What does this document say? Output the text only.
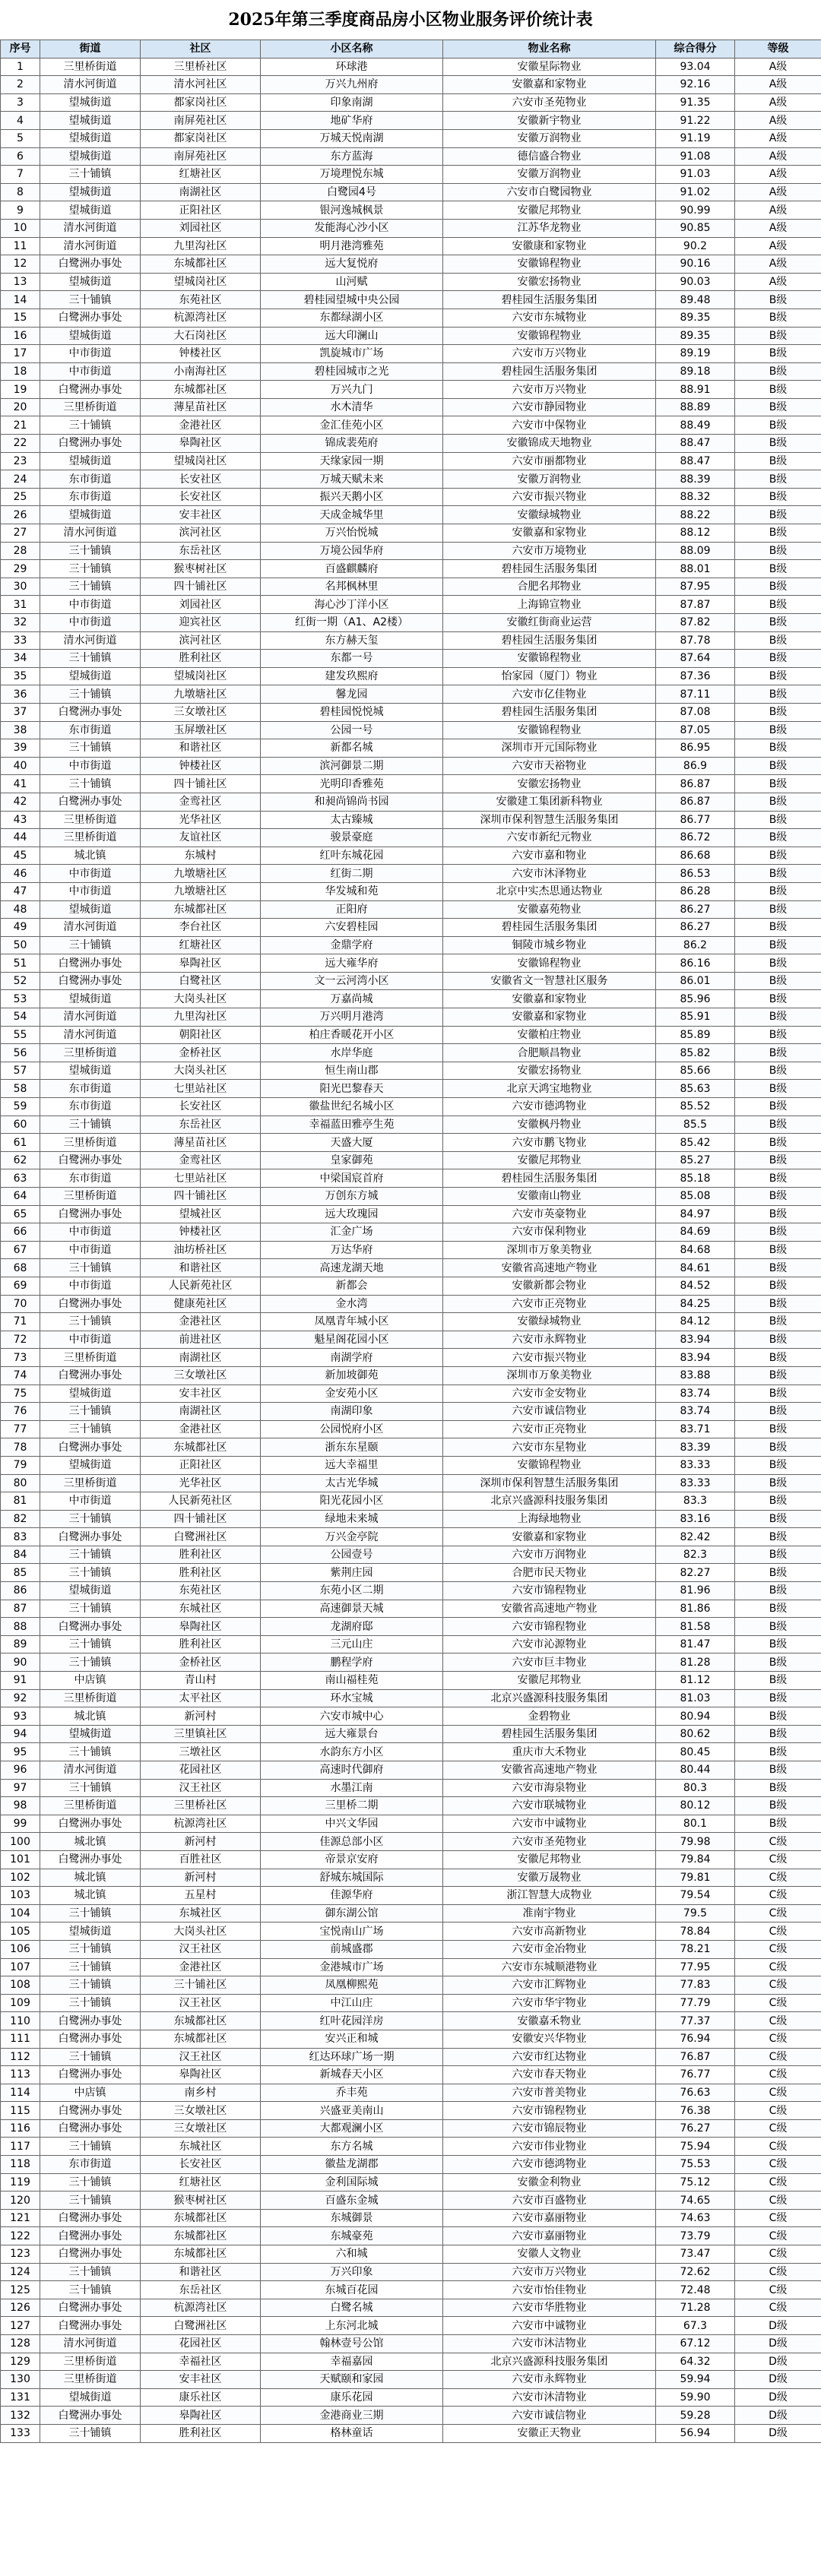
2025年第三季度商品房小区物业服务评价统计表
序号	街道	社区	小区名称	物业名称	综合得分	等级
1	三里桥街道	三里桥社区	环球港	安徽星际物业	93.04	A级
2	清水河街道	清水河社区	万兴九州府	安徽嘉和家物业	92.16	A级
3	望城街道	都家岗社区	印象南湖	六安市圣苑物业	91.35	A级
4	望城街道	南屏苑社区	地矿华府	安徽新宇物业	91.22	A级
5	望城街道	都家岗社区	万城天悦南湖	安徽万润物业	91.19	A级
6	望城街道	南屏苑社区	东方蓝海	德信盛合物业	91.08	A级
7	三十铺镇	红塘社区	万境理悦东城	安徽万润物业	91.03	A级
8	望城街道	南湖社区	白鹭园4号	六安市白鹭园物业	91.02	A级
9	望城街道	正阳社区	银河逸城枫景	安徽尼邦物业	90.99	A级
10	清水河街道	刘园社区	发能海心沙小区	江苏华龙物业	90.85	A级
11	清水河街道	九里沟社区	明月港湾雅苑	安徽康和家物业	90.2	A级
12	白鹭洲办事处	东城都社区	远大复悦府	安徽锦程物业	90.16	A级
13	望城街道	望城岗社区	山河赋	安徽宏扬物业	90.03	A级
14	三十铺镇	东苑社区	碧桂园望城中央公园	碧桂园生活服务集团	89.48	B级
15	白鹭洲办事处	杭源湾社区	东都绿湖小区	六安市东城物业	89.35	B级
16	望城街道	大石岗社区	远大印澜山	安徽锦程物业	89.35	B级
17	中市街道	钟楼社区	凯旋城市广场	六安市万兴物业	89.19	B级
18	中市街道	小南海社区	碧桂园城市之光	碧桂园生活服务集团	89.18	B级
19	白鹭洲办事处	东城都社区	万兴九门	六安市万兴物业	88.91	B级
20	三里桥街道	薄星苗社区	水木清华	六安市静园物业	88.89	B级
21	三十铺镇	金港社区	金汇佳苑小区	六安市中保物业	88.49	B级
22	白鹭洲办事处	皋陶社区	锦成裴苑府	安徽锦成天地物业	88.47	B级
23	望城街道	望城岗社区	天缘家园一期	六安市丽都物业	88.47	B级
24	东市街道	长安社区	万城天赋未来	安徽万润物业	88.39	B级
25	东市街道	长安社区	振兴天鹅小区	六安市振兴物业	88.32	B级
26	望城街道	安丰社区	天成金城华里	安徽绿城物业	88.22	B级
27	清水河街道	滨河社区	万兴怡悦城	安徽嘉和家物业	88.12	B级
28	三十铺镇	东岳社区	万境公园华府	六安市万境物业	88.09	B级
29	三十铺镇	猴枣树社区	百盛麒麟府	碧桂园生活服务集团	88.01	B级
30	三十铺镇	四十铺社区	名邦枫林里	合肥名邦物业	87.95	B级
31	中市街道	刘园社区	海心沙丁洋小区	上海锦宣物业	87.87	B级
32	中市街道	迎宾社区	红街一期（A1、A2楼）	安徽红街商业运营	87.82	B级
33	清水河街道	滨河社区	东方赫天玺	碧桂园生活服务集团	87.78	B级
34	三十铺镇	胜利社区	东都一号	安徽锦程物业	87.64	B级
35	望城街道	望城岗社区	建发玖熙府	怡家园（厦门）物业	87.36	B级
36	三十铺镇	九墩塘社区	馨龙园	六安市亿佳物业	87.11	B级
37	白鹭洲办事处	三女墩社区	碧桂园悦悦城	碧桂园生活服务集团	87.08	B级
38	东市街道	玉屏墩社区	公园一号	安徽锦程物业	87.05	B级
39	三十铺镇	和谐社区	新都名城	深圳市开元国际物业	86.95	B级
40	中市街道	钟楼社区	滨河御景二期	六安市天裕物业	86.9	B级
41	三十铺镇	四十铺社区	光明印香雅苑	安徽宏扬物业	86.87	B级
42	白鹭洲办事处	金鸾社区	和昶尚锦尚书园	安徽建工集团新科物业	86.87	B级
43	三里桥街道	光华社区	太古臻城	深圳市保利智慧生活服务集团	86.77	B级
44	三里桥街道	友谊社区	骏景豪庭	六安市新纪元物业	86.72	B级
45	城北镇	东城村	红叶东城花园	六安市嘉和物业	86.68	B级
46	中市街道	九墩塘社区	红街二期	六安市沐泽物业	86.53	B级
47	中市街道	九墩塘社区	华发城和苑	北京中实杰思通达物业	86.28	B级
48	望城街道	东城都社区	正阳府	安徽嘉苑物业	86.27	B级
49	清水河街道	李台社区	六安碧桂园	碧桂园生活服务集团	86.27	B级
50	三十铺镇	红塘社区	金鼎学府	铜陵市城乡物业	86.2	B级
51	白鹭洲办事处	皋陶社区	远大雍华府	安徽锦程物业	86.16	B级
52	白鹭洲办事处	白鹭社区	文一云河湾小区	安徽省文一智慧社区服务	86.01	B级
53	望城街道	大岗头社区	万嘉尚城	安徽嘉和家物业	85.96	B级
54	清水河街道	九里沟社区	万兴明月港湾	安徽嘉和家物业	85.91	B级
55	清水河街道	朝阳社区	柏庄香暖花开小区	安徽柏庄物业	85.89	B级
56	三里桥街道	金桥社区	水岸华庭	合肥顺昌物业	85.82	B级
57	望城街道	大岗头社区	恒生南山郡	安徽宏扬物业	85.66	B级
58	东市街道	七里站社区	阳光巴黎春天	北京天鸿宝地物业	85.63	B级
59	东市街道	长安社区	徽盐世纪名城小区	六安市德鸿物业	85.52	B级
60	三十铺镇	东岳社区	幸福蓝田雅亭生苑	安徽枫丹物业	85.5	B级
61	三里桥街道	薄星苗社区	天盛大厦	六安市鹏飞物业	85.42	B级
62	白鹭洲办事处	金鸾社区	皇家御苑	安徽尼邦物业	85.27	B级
63	东市街道	七里站社区	中梁国宸首府	碧桂园生活服务集团	85.18	B级
64	三里桥街道	四十铺社区	万创东方城	安徽南山物业	85.08	B级
65	白鹭洲办事处	望城社区	远大玫瑰园	六安市英豪物业	84.97	B级
66	中市街道	钟楼社区	汇金广场	六安市保利物业	84.69	B级
67	中市街道	油坊桥社区	万达华府	深圳市万象美物业	84.68	B级
68	三十铺镇	和谐社区	高速龙湖天地	安徽省高速地产物业	84.61	B级
69	中市街道	人民新苑社区	新都会	安徽新都会物业	84.52	B级
70	白鹭洲办事处	健康苑社区	金水湾	六安市正亮物业	84.25	B级
71	三十铺镇	金港社区	凤凰青年城小区	安徽绿城物业	84.12	B级
72	中市街道	前进社区	魁星阁花园小区	六安市永辉物业	83.94	B级
73	三里桥街道	南湖社区	南湖学府	六安市振兴物业	83.94	B级
74	白鹭洲办事处	三女墩社区	新加坡御苑	深圳市万象美物业	83.88	B级
75	望城街道	安丰社区	金安苑小区	六安市金安物业	83.74	B级
76	三十铺镇	南湖社区	南湖印象	六安市诚信物业	83.74	B级
77	三十铺镇	金港社区	公园悦府小区	六安市正亮物业	83.71	B级
78	白鹭洲办事处	东城都社区	浙东东星颐	六安市东星物业	83.39	B级
79	望城街道	正阳社区	远大幸福里	安徽锦程物业	83.33	B级
80	三里桥街道	光华社区	太古光华城	深圳市保利智慧生活服务集团	83.33	B级
81	中市街道	人民新苑社区	阳光花园小区	北京兴盛源科技服务集团	83.3	B级
82	三十铺镇	四十铺社区	绿地未来城	上海绿地物业	83.16	B级
83	白鹭洲办事处	白鹭洲社区	万兴金亭院	安徽嘉和家物业	82.42	B级
84	三十铺镇	胜利社区	公园壹号	六安市万润物业	82.3	B级
85	三十铺镇	胜利社区	紫荆庄园	合肥市民天物业	82.27	B级
86	望城街道	东苑社区	东苑小区二期	六安市锦程物业	81.96	B级
87	三十铺镇	东城社区	高速御景天城	安徽省高速地产物业	81.86	B级
88	白鹭洲办事处	皋陶社区	龙湖府邸	六安市锦程物业	81.58	B级
89	三十铺镇	胜利社区	三元山庄	六安市沁源物业	81.47	B级
90	三十铺镇	金桥社区	鹏程学府	六安市巨丰物业	81.28	B级
91	中店镇	青山村	南山福桂苑	安徽尼邦物业	81.12	B级
92	三里桥街道	太平社区	环水宝城	北京兴盛源科技服务集团	81.03	B级
93	城北镇	新河村	六安市城中心	金碧物业	80.94	B级
94	望城街道	三里镇社区	远大雍景台	碧桂园生活服务集团	80.62	B级
95	三十铺镇	三墩社区	水韵东方小区	重庆市大禾物业	80.45	B级
96	清水河街道	花园社区	高速时代御府	安徽省高速地产物业	80.44	B级
97	三十铺镇	汉王社区	水墨江南	六安市海泉物业	80.3	B级
98	三里桥街道	三里桥社区	三里桥二期	六安市联城物业	80.12	B级
99	白鹭洲办事处	杭源湾社区	中兴文华园	六安市中诚物业	80.1	B级
100	城北镇	新河村	佳源总部小区	六安市圣苑物业	79.98	C级
101	白鹭洲办事处	百胜社区	帝景京安府	安徽尼邦物业	79.84	C级
102	城北镇	新河村	舒城东城国际	安徽万晟物业	79.81	C级
103	城北镇	五星村	佳源华府	浙江智慧大成物业	79.54	C级
104	三十铺镇	东城社区	御东湖公馆	准南宇物业	79.5	C级
105	望城街道	大岗头社区	宝悦南山广场	六安市高新物业	78.84	C级
106	三十铺镇	汉王社区	前城盛郡	六安市金冶物业	78.21	C级
107	三十铺镇	金港社区	金港城市广场	六安市东城顺港物业	77.95	C级
108	三十铺镇	三十铺社区	凤凰柳熙苑	六安市汇辉物业	77.83	C级
109	三十铺镇	汉王社区	中江山庄	六安市华宇物业	77.79	C级
110	白鹭洲办事处	东城都社区	红叶花园洋房	安徽嘉禾物业	77.37	C级
111	白鹭洲办事处	东城都社区	安兴正和城	安徽安兴华物业	76.94	C级
112	三十铺镇	汉王社区	红达环球广场一期	六安市红达物业	76.87	C级
113	白鹭洲办事处	皋陶社区	新城春天小区	六安市春天物业	76.77	C级
114	中店镇	南乡村	乔丰苑	六安市普美物业	76.63	C级
115	白鹭洲办事处	三女墩社区	兴盛亚美南山	六安市锦程物业	76.38	C级
116	白鹭洲办事处	三女墩社区	大都观澜小区	六安市锦辰物业	76.27	C级
117	三十铺镇	东城社区	东方名城	六安市伟业物业	75.94	C级
118	东市街道	长安社区	徽盐龙湖郡	六安市德鸿物业	75.53	C级
119	三十铺镇	红塘社区	金利国际城	安徽金利物业	75.12	C级
120	三十铺镇	猴枣树社区	百盛东金城	六安市百盛物业	74.65	C级
121	白鹭洲办事处	东城都社区	东城御景	六安市嘉丽物业	74.63	C级
122	白鹭洲办事处	东城都社区	东城豪苑	六安市嘉丽物业	73.79	C级
123	白鹭洲办事处	东城都社区	六和城	安徽人文物业	73.47	C级
124	三十铺镇	和谐社区	万兴印象	六安市万兴物业	72.62	C级
125	三十铺镇	东岳社区	东城百花园	六安市怡佳物业	72.48	C级
126	白鹭洲办事处	杭源湾社区	白鹭名城	六安市华胜物业	71.28	C级
127	白鹭洲办事处	白鹭洲社区	上东河北城	六安市中诚物业	67.3	D级
128	清水河街道	花园社区	翰林壹号公馆	六安市沐洁物业	67.12	D级
129	三里桥街道	幸福社区	幸福嘉园	北京兴盛源科技服务集团	64.32	D级
130	三里桥街道	安丰社区	天赋颐和家园	六安市永辉物业	59.94	D级
131	望城街道	康乐社区	康乐花园	六安市沐清物业	59.90	D级
132	白鹭洲办事处	皋陶社区	金港商业三期	六安市诚信物业	59.28	D级
133	三十铺镇	胜利社区	格林童话	安徽正天物业	56.94	D级
